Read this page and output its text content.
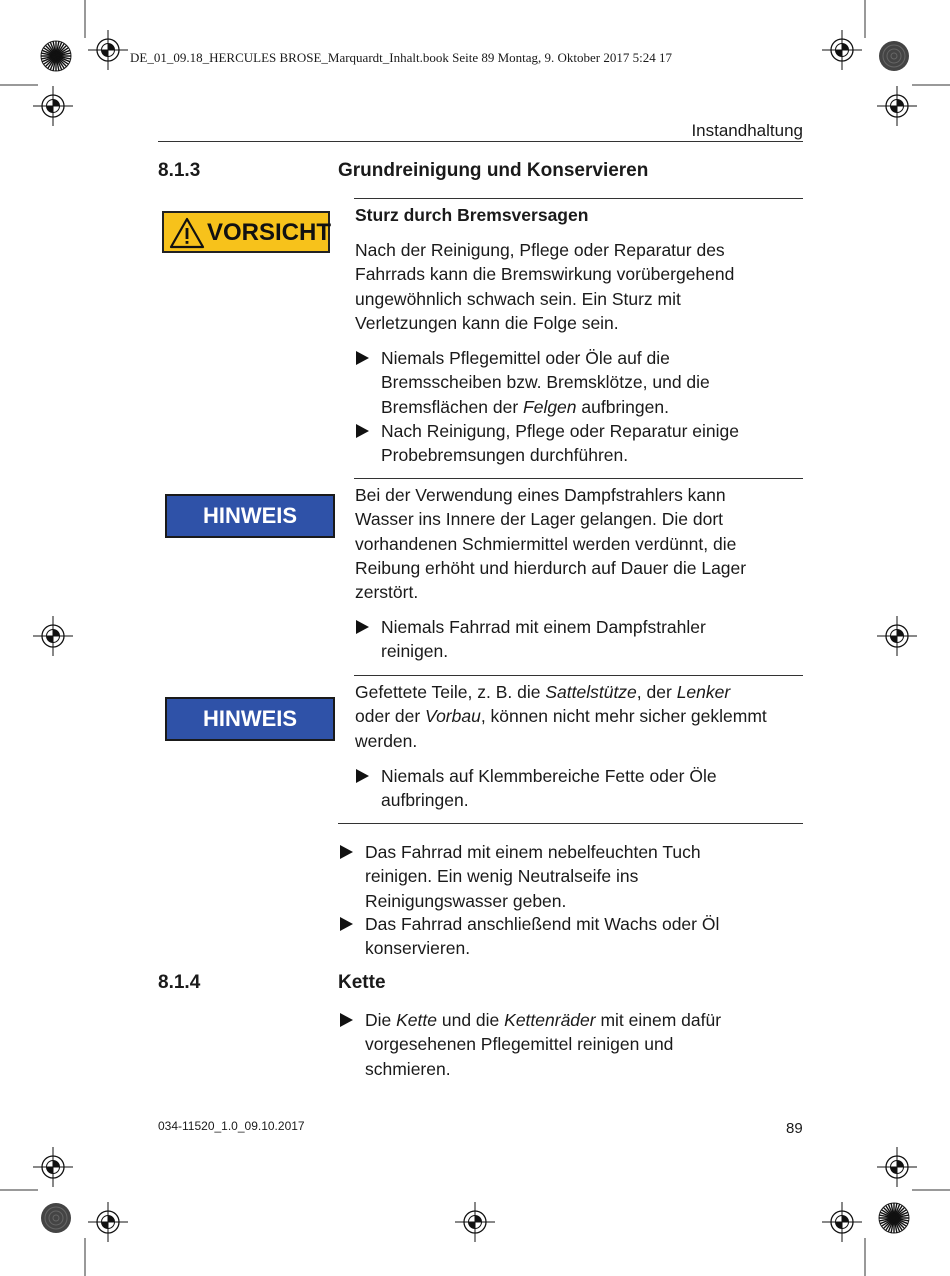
DE_01_09.18_HERCULES BROSE_Marquardt_Inhalt.book Seite 89 Montag, 9. Oktober 2017 5:24 17
Instandhaltung
8.1.3	Grundreinigung und Konservieren
VORSICHT
Sturz durch Bremsversagen
Nach der Reinigung, Pflege oder Reparatur des
Fahrrads kann die Bremswirkung vorübergehend
ungewöhnlich schwach sein. Ein Sturz mit
Verletzungen kann die Folge sein.
Niemals Pflegemittel oder Öle auf die
Bremsscheiben bzw. Bremsklötze, und die
Bremsflächen der Felgen aufbringen.
Nach Reinigung, Pflege oder Reparatur einige
Probebremsungen durchführen.
HINWEIS
Bei der Verwendung eines Dampfstrahlers kann
Wasser ins Innere der Lager gelangen. Die dort
vorhandenen Schmiermittel werden verdünnt, die
Reibung erhöht und hierdurch auf Dauer die Lager
zerstört.
Niemals Fahrrad mit einem Dampfstrahler
reinigen.
HINWEIS
Gefettete Teile, z. B. die Sattelstütze, der Lenker
oder der Vorbau, können nicht mehr sicher geklemmt
werden.
Niemals auf Klemmbereiche Fette oder Öle
aufbringen.
Das Fahrrad mit einem nebelfeuchten Tuch
reinigen. Ein wenig Neutralseife ins
Reinigungswasser geben.
Das Fahrrad anschließend mit Wachs oder Öl
konservieren.
8.1.4	Kette
Die Kette und die Kettenräder mit einem dafür
vorgesehenen Pflegemittel reinigen und
schmieren.
034-11520_1.0_09.10.2017	89
